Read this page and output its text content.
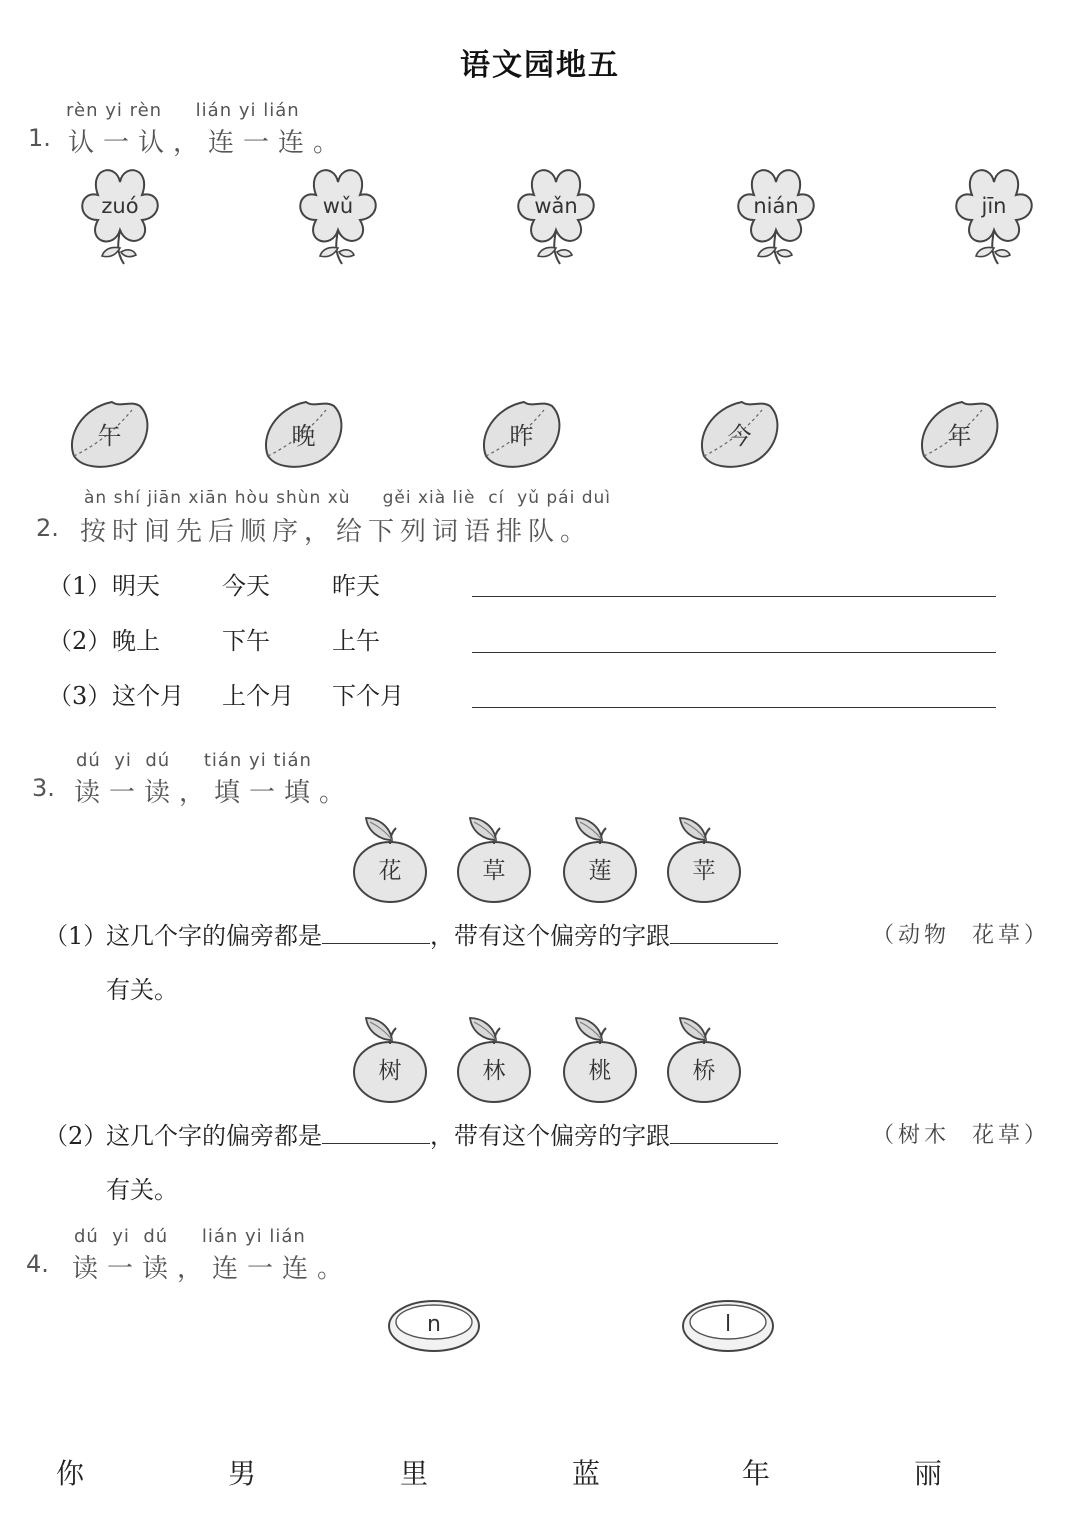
语文园地五
rèn yi rèn     lián yi lián
1. 认一认，连一连。
zuó	wǔ	wǎn	nián	jīn
午	晚	昨	今	年
àn shí jiān xiān hòu shùn xù     gěi xià liè  cí  yǔ pái duì
2. 按时间先后顺序，给下列词语排队。
（1） 明天	今天	昨天
（2） 晚上	下午	上午
（3） 这个月 上个月 下个月
dú  yi  dú     tián yi tián
3. 读一读，填一填。
花	草	莲	苹
（1）
这几个字的偏旁都是	，带有这个偏旁的字跟	（动物  花草）
有关。
树	林	桃	桥
（2）
这几个字的偏旁都是	，带有这个偏旁的字跟	（树木  花草）
有关。
dú  yi  dú     lián yi lián
4. 读一读，连一连。
n	l
你	男	里	蓝	年	丽
